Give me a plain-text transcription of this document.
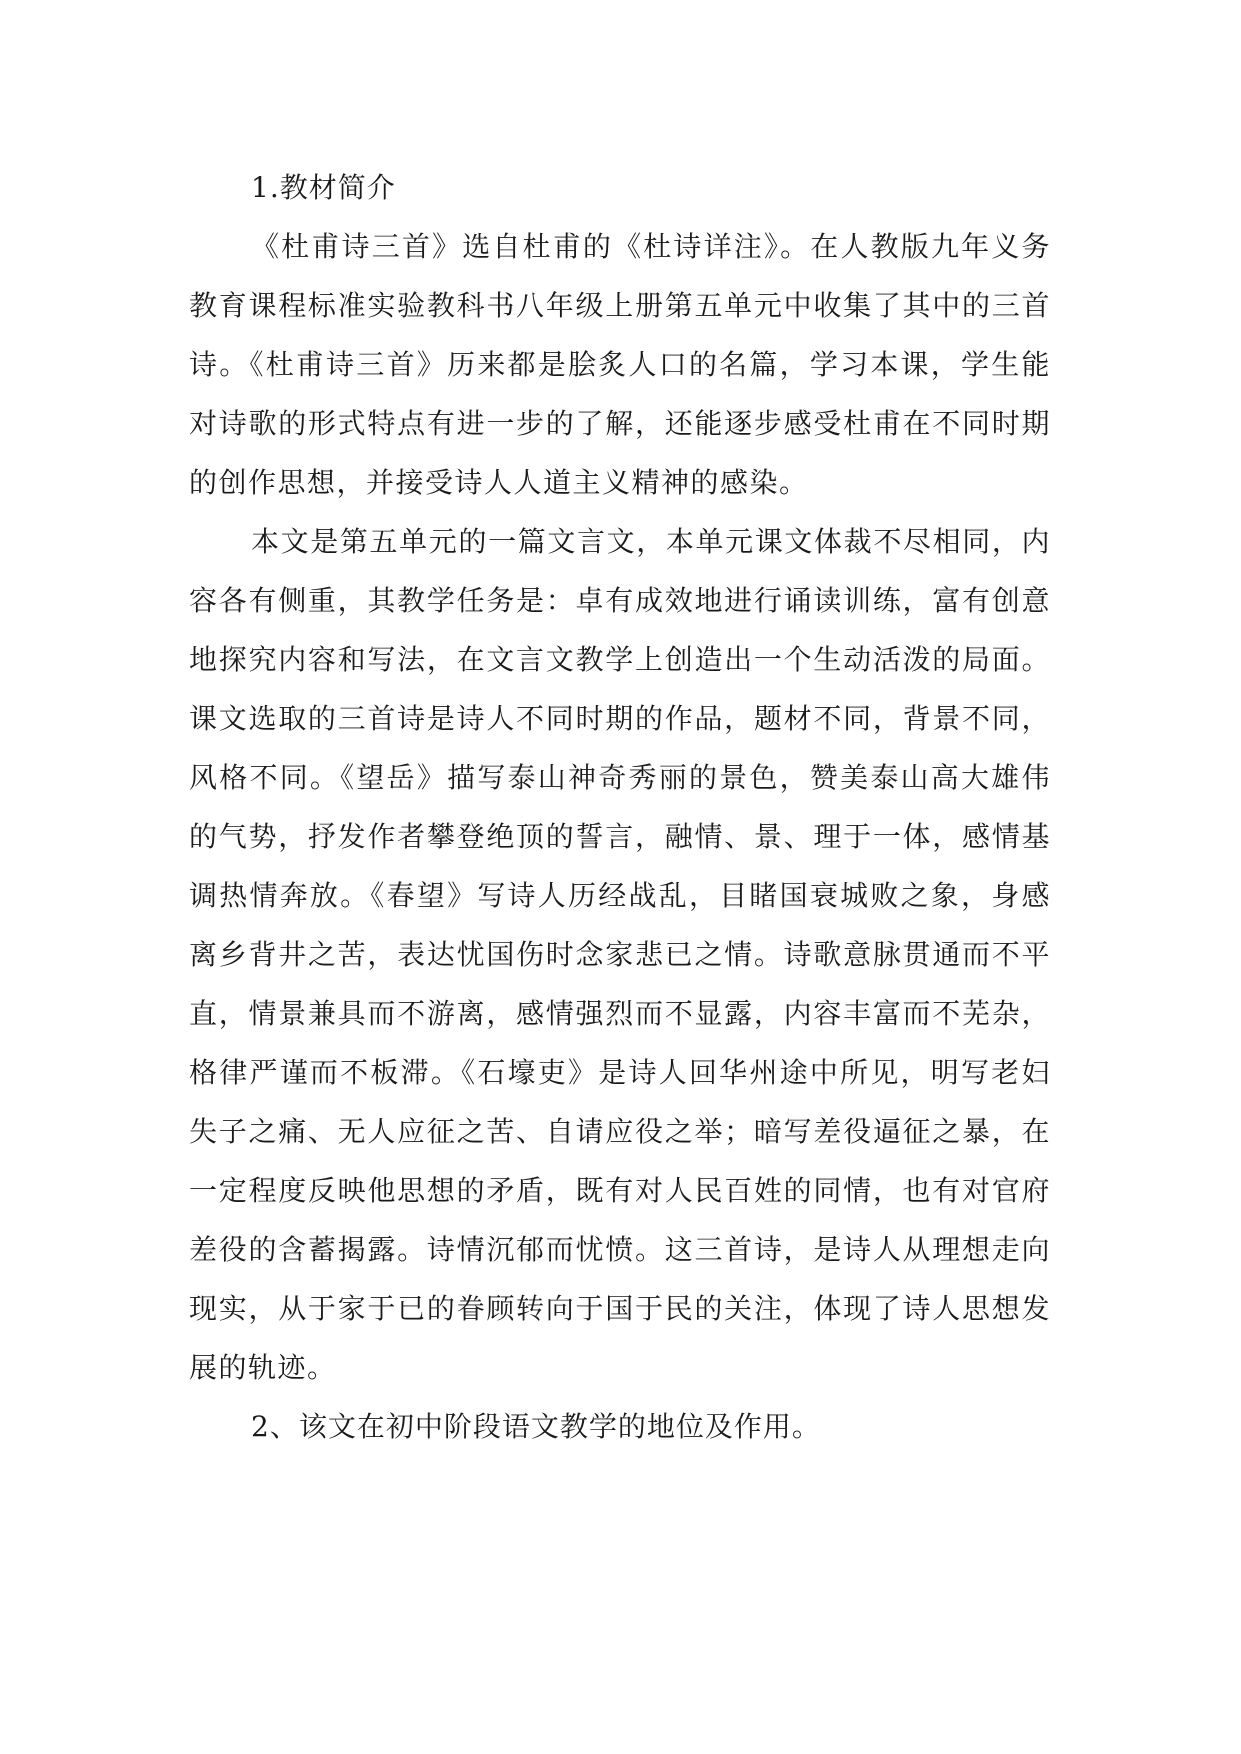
1.教材简介

《杜甫诗三首》选自杜甫的《杜诗详注》。在人教版九年义务教育课程标准实验教科书八年级上册第五单元中收集了其中的三首诗。《杜甫诗三首》历来都是脍炙人口的名篇，学习本课，学生能对诗歌的形式特点有进一步的了解，还能逐步感受杜甫在不同时期的创作思想，并接受诗人人道主义精神的感染。

本文是第五单元的一篇文言文，本单元课文体裁不尽相同，内容各有侧重，其教学任务是：卓有成效地进行诵读训练，富有创意地探究内容和写法，在文言文教学上创造出一个生动活泼的局面。课文选取的三首诗是诗人不同时期的作品，题材不同，背景不同，风格不同。《望岳》描写泰山神奇秀丽的景色，赞美泰山高大雄伟的气势，抒发作者攀登绝顶的誓言，融情、景、理于一体，感情基调热情奔放。《春望》写诗人历经战乱，目睹国衰城败之象，身感离乡背井之苦，表达忧国伤时念家悲已之情。诗歌意脉贯通而不平直，情景兼具而不游离，感情强烈而不显露，内容丰富而不芜杂，格律严谨而不板滞。《石壕吏》是诗人回华州途中所见，明写老妇失子之痛、无人应征之苦、自请应役之举；暗写差役逼征之暴，在一定程度反映他思想的矛盾，既有对人民百姓的同情，也有对官府差役的含蓄揭露。诗情沉郁而忧愤。这三首诗，是诗人从理想走向现实，从于家于已的眷顾转向于国于民的关注，体现了诗人思想发展的轨迹。

2、该文在初中阶段语文教学的地位及作用。
